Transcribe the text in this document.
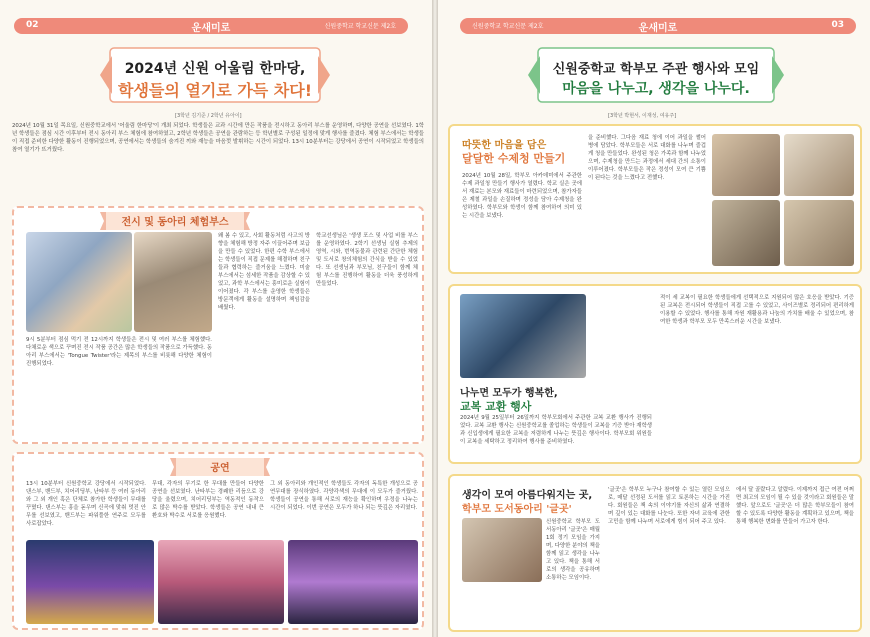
02	운새미로	신원중학교 학교신문 제2호
2024년 신원 어울림 한마당,
학생들의 열기로 가득 차다!
[3학년 김기준 / 2학년 유아이]
2024년 10월 31일 목요일, 신원중학교에서 '어울림 한마당'이 개최 되었다. 학생들은 교과 시간에 만든 작품을 전시하고 동아리 부스를 운영하며, 다양한 공연을 선보였다. 1학년 학생들은 점심 시간 이후부터 전시 동아리 부스 체험에 참여하였고, 2학년 학생들은 공연을 관람하는 등 학년별로 구성된 일정에 맞게 행사를 즐겼다. 체험 부스에서는 학생들이 직접 준비한 다양한 활동이 진행되었으며, 공연에서는 학생들의 숨겨진 끼와 재능을 마음껏 발휘하는 시간이 되었다. 13시 10분부터는 강당에서 공연이 시작되었고 학생들의 참여 열기가 뜨거웠다.
전시 및 동아리 체험부스
9시 5분부터 점심 먹기 전 12시까지 학생들은 전시 및 여러 부스를 체험했다. 다채로운 색으로 꾸며진 전시 작품 공간은 많은 학생들의 작품으로 가득했다. 동아리 부스에서는 'Tongue Twister'라는 제목의 부스를 비롯해 다양한 체험이 진행되었다.
왜 봄 수 있고, 사회 활동처럼 사고의 방향을 체험해 방정 자주 이끌어주며 보급을 만들 수 있었다. 한편 수학 부스에서는 학생들이 직접 문제를 해결하며 친구들과 협력하는 즐거움을 느꼈다. 미술 부스에서는 섬세한 작품을 감상할 수 있었고, 과학 부스에서는 흥미로운 실험이 이어졌다. 각 부스를 운영한 학생들은 방문객에게 활동을 설명하며 책임감을 배웠다.
학교선생님은 '생생 포스 및 사업 비를 부스를 운영하였다. 2학기 선생님 실험 추제의 영역, 시와, 번역동물과 관련된 간단한 체험 및 도서로 창의체험의 간식을 받을 수 있었다. 또 선생님과 부모님, 친구들이 함께 체험 부스를 진행하여 활동을 더욱 풍성하게 만들었다.
공연
13시 10분부터 신원중학교 강당에서 시작되었다. 댄스부, 밴드부, 치어리딩부, 난타부 등 여러 동아리와 그 외 개인 혹은 단체로 참가한 학생들이 무대를 꾸몄다. 댄스부는 흥을 돋우며 신곡에 맞춰 멋진 안무를 선보였고, 밴드부는 파워풀한 연주로 모두를 사로잡았다.
무대, 각자의 무기로 한 무대를 만들어 다양한 공연을 선보였다. 난타부는 경쾌한 리듬으로 강당을 울렸으며, 치어리딩부는 역동적인 동작으로 많은 박수를 받았다. 학생들은 공연 내내 큰 환호와 박수로 서로를 응원했다.
그 외 동아리와 개인적인 학생들도 각자의 독특한 개성으로 공연무대를 장식하였다. 각양각색의 무대에 이 모두가 즐거웠다. 학생들이 공연을 통해 서로의 재능을 확인하며 우정을 나누는 시간이 되었다. 이번 공연은 모두가 하나 되는 뜻깊은 자리였다.
신원중학교 학교신문 제2호	운새미로	03
신원중학교 학부모 주관 행사와 모임
마음을 나누고, 생각을 나누다.
[3학년 박현서, 이재성, 여유주]
따뜻한 마음을 담은
달달한 수제청 만들기
2024년 10월 28일, 학부모 아카데미에서 주관한 수제 과일청 만들기 행사가 열렸다. 학교 실은 곳에서 재료는 본모와 재료들이 마련되었으며, 참가자들은 제철 과일을 손질하며 정성을 담아 수제청을 완성하였다. 학부모와 학생이 함께 참여하여 의미 있는 시간을 보냈다.
을 준비했다. 그다음 재료 청에 이어 과일을 썰어 병에 담았다. 학부모들은 서로 대화를 나누며 즐겁게 청을 만들었다. 완성된 청은 가족과 함께 나누었으며, 수제청을 만드는 과정에서 세대 간의 소통이 이루어졌다. 학부모들은 작은 정성이 모여 큰 기쁨이 된다는 것을 느꼈다고 전했다.
나누면 모두가 행복한,
교복 교환 행사
2024년 9월 25일부터 26일까지 학부모회에서 주관한 교복 교환 행사가 진행되었다. 교복 교환 행사는 신원중학교를 졸업하는 학생들이 교복을 기증 받아 재학생과 신입생에게 필요한 교복을 저렴하게 나누는 뜻깊은 행사이다. 학부모회 위원들이 교복을 세탁하고 정리하여 행사를 준비하였다.
적이 세 교복이 필요한 학생들에게 선택적으로 지원되어 많은 호응을 받았다. 기증된 교복은 전시되어 학생들이 직접 고를 수 있었고, 사이즈별로 정리되어 편리하게 이용할 수 있었다. 행사를 통해 자원 재활용과 나눔의 가치를 배울 수 있었으며, 참여한 학생과 학부모 모두 만족스러운 시간을 보냈다.
생각이 모여 아름다워지는 곳,
학부모 도서동아리 '글곳'
신원중학교 학부모 도서동아리 '글곳'은 매월 1회 정기 모임을 가지며, 다양한 분야의 책을 함께 읽고 생각을 나누고 있다. 책을 통해 서로의 생각을 공유하며 소통하는 모임이다.
'글곳'은 학부모 누구나 참여할 수 있는 열린 모임으로, 매달 선정된 도서를 읽고 토론하는 시간을 가진다. 회원들은 책 속의 이야기를 자신의 삶과 연결하며 깊이 있는 대화를 나눈다. 또한 자녀 교육에 관한 고민을 함께 나누며 서로에게 힘이 되어 주고 있다.
에서 달 골랐다고 알렸다. 이제까지 접근 여전 어쩌면 최고의 모임이 될 수 있을 것이라고 회원들은 말했다. 앞으로도 '글곳'은 더 많은 학부모들이 참여할 수 있도록 다양한 활동을 계획하고 있으며, 책을 통해 행복한 변화를 만들어 가고자 한다.
